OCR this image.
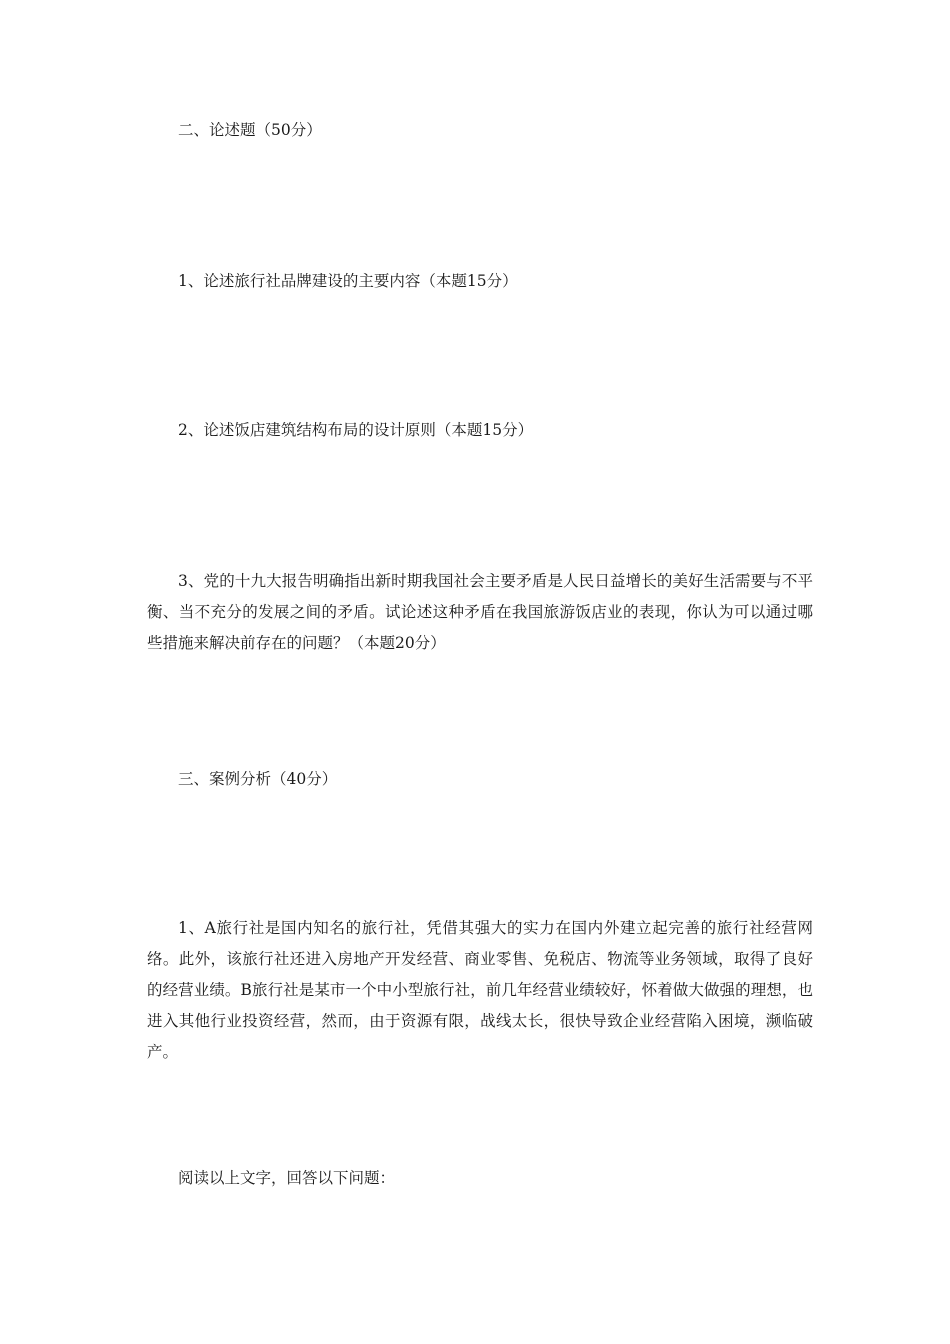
二、论述题（50分）

1、论述旅行社品牌建设的主要内容（本题15分）

2、论述饭店建筑结构布局的设计原则（本题15分）

3、党的十九大报告明确指出新时期我国社会主要矛盾是人民日益增长的美好生活需要与不平衡、当不充分的发展之间的矛盾。试论述这种矛盾在我国旅游饭店业的表现，你认为可以通过哪些措施来解决前存在的问题？（本题20分）

三、案例分析（40分）

1、A旅行社是国内知名的旅行社，凭借其强大的实力在国内外建立起完善的旅行社经营网络。此外，该旅行社还进入房地产开发经营、商业零售、免税店、物流等业务领域，取得了良好的经营业绩。B旅行社是某市一个中小型旅行社，前几年经营业绩较好，怀着做大做强的理想，也进入其他行业投资经营，然而，由于资源有限，战线太长，很快导致企业经营陷入困境，濒临破产。

阅读以上文字，回答以下问题：
